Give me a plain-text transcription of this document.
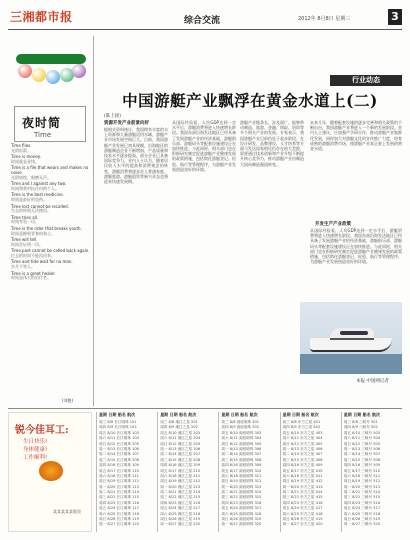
三湘都市报	综合交流	2012年 8月8日 星期三	3
夜时简
Time
Time flies.
光阴似箭。
Time is money.
时间就是金钱。
Time is a file that wears and makes no noise.
光阴如锉，细磨无声。
Time and I against any two.
时间和我对抗任何两个人。
Time is the best medicine.
时间是最好的良药。
Time lost cannot be recalled.
失去的时间无法挽回。
Time tries all.
时间考验一切。
Time is the rider that breaks youth.
时间是摧毁青春的骑士。
Time will tell.
时间会证明一切。
Time past cannot be called back again.
过去的时间不能再回来。
Time and tide wait for no man.
岁月不等人。
Time is a great healer.
时间是伟大的治疗者。
(刘艳)
行业动态
中国游艇产业飘浮在黄金水道上(二)
(陈上接)
资源开发产业前景向好
据相关资料统计，我国拥有丰富的水上资源和大量游艇适用水域，游艇产业市场发展空间巨大。目前，我国游艇产业发展已初具规模，沿海地区的游艇制造企业不断增加，产品质量和技术水平逐步提高，部分企业已具备国际竞争力。业内人士认为，随着居民收入水平的提高和消费观念的转变，游艇消费将逐步走入普通家庭，游艇旅游、游艇租赁等新兴业态也将迎来快速发展期。
从国际经验看，人均GDP达到一定水平后，游艇消费将进入快速增长阶段。我国东部沿海发达地区已经具备了发展游艇产业的经济基础，游艇俱乐部、游艇码头等配套设施建设正在加快推进。与此同时，相关部门也在积极研究制定促进游艇产业健康发展的政策措施，包括简化游艇登记、检验、航行等管理程序，为游艇产业发展创造良好的环境。
游艇产业链条长、涉及面广，能够带动制造、旅游、金融、保险、培训等多个相关产业的发展。专家表示，我国游艇产业目前仍处于起步阶段，在设计研发、品牌建设、人才培养等方面与发达国家相比仍存在较大差距，需要通过技术创新和产业升级不断提升核心竞争力，推动游艇产业由制造大国向制造强国转变。
未来几年，随着配套设施的逐步完善和相关政策的不断出台，我国游艇产业将进入一个新的发展阶段。业内人士建议，应加强产学研合作，推动游艇产业集群化发展，同时加大对游艇文化的宣传推广力度，培育成熟的游艇消费市场，使游艇产业真正驶上发展的黄金水道。
开发生产产业政策
从国际经验看，人均GDP达到一定水平后，游艇消费将进入快速增长阶段。我国东部沿海发达地区已经具备了发展游艇产业的经济基础，游艇俱乐部、游艇码头等配套设施建设正在加快推进。与此同时，相关部门也在积极研究制定促进游艇产业健康发展的政策措施，包括简化游艇登记、检验、航行等管理程序，为游艇产业发展创造良好的环境。
本报 中国网记者
锐今佳耳工:
生日快乐!
身体健康!
工作顺利!
某某某某某敬贺
星期 日期 船名 航次
周三 8/8 长江明珠 101
周四 8/9 长江明珠 102
周五 8/10 长江明珠 103
周六 8/11 长江明珠 104
周日 8/12 长江明珠 105
周一 8/13 长江明珠 106
周二 8/14 长江明珠 107
周三 8/15 长江明珠 108
周四 8/16 长江明珠 109
周五 8/17 长江明珠 110
周六 8/18 长江明珠 111
周日 8/19 长江明珠 112
周一 8/20 长江明珠 113
周二 8/21 长江明珠 114
周三 8/22 长江明珠 115
周四 8/23 长江明珠 116
周五 8/24 长江明珠 117
周六 8/25 长江明珠 118
周日 8/26 长江明珠 119
周一 8/27 长江明珠 120
星期 日期 船名 航次
周三 8/8 湘江之星 201
周四 8/9 湘江之星 202
周五 8/10 湘江之星 203
周六 8/11 湘江之星 204
周日 8/12 湘江之星 205
周一 8/13 湘江之星 206
周二 8/14 湘江之星 207
周三 8/15 湘江之星 208
周四 8/16 湘江之星 209
周五 8/17 湘江之星 210
周六 8/18 湘江之星 211
周日 8/19 湘江之星 212
周一 8/20 湘江之星 213
周二 8/21 湘江之星 214
周三 8/22 湘江之星 215
周四 8/23 湘江之星 216
周五 8/24 湘江之星 217
周六 8/25 湘江之星 218
周日 8/26 湘江之星 219
周一 8/27 湘江之星 220
星期 日期 船名 航次
周三 8/8 洞庭明珠 301
周四 8/9 洞庭明珠 302
周五 8/10 洞庭明珠 303
周六 8/11 洞庭明珠 304
周日 8/12 洞庭明珠 305
周一 8/13 洞庭明珠 306
周二 8/14 洞庭明珠 307
周三 8/15 洞庭明珠 308
周四 8/16 洞庭明珠 309
周五 8/17 洞庭明珠 310
周六 8/18 洞庭明珠 311
周日 8/19 洞庭明珠 312
周一 8/20 洞庭明珠 313
周二 8/21 洞庭明珠 314
周三 8/22 洞庭明珠 315
周四 8/23 洞庭明珠 316
周五 8/24 洞庭明珠 317
周六 8/25 洞庭明珠 318
周日 8/26 洞庭明珠 319
周一 8/27 洞庭明珠 320
星期 日期 船名 航次
周三 8/8 东方之星 401
周四 8/9 东方之星 402
周五 8/10 东方之星 403
周六 8/11 东方之星 404
周日 8/12 东方之星 405
周一 8/13 东方之星 406
周二 8/14 东方之星 407
周三 8/15 东方之星 408
周四 8/16 东方之星 409
周五 8/17 东方之星 410
周六 8/18 东方之星 411
周日 8/19 东方之星 412
周一 8/20 东方之星 413
周二 8/21 东方之星 414
周三 8/22 东方之星 415
周四 8/23 东方之星 416
周五 8/24 东方之星 417
周六 8/25 东方之星 418
周日 8/26 东方之星 419
周一 8/27 东方之星 420
星期 日期 船名 航次
周三 8/8 三峡号 501
周四 8/9 三峡号 502
周五 8/10 三峡号 503
周六 8/11 三峡号 504
周日 8/12 三峡号 505
周一 8/13 三峡号 506
周二 8/14 三峡号 507
周三 8/15 三峡号 508
周四 8/16 三峡号 509
周五 8/17 三峡号 510
周六 8/18 三峡号 511
周日 8/19 三峡号 512
周一 8/20 三峡号 513
周二 8/21 三峡号 514
周三 8/22 三峡号 515
周四 8/23 三峡号 516
周五 8/24 三峡号 517
周六 8/25 三峡号 518
周日 8/26 三峡号 519
周一 8/27 三峡号 520
